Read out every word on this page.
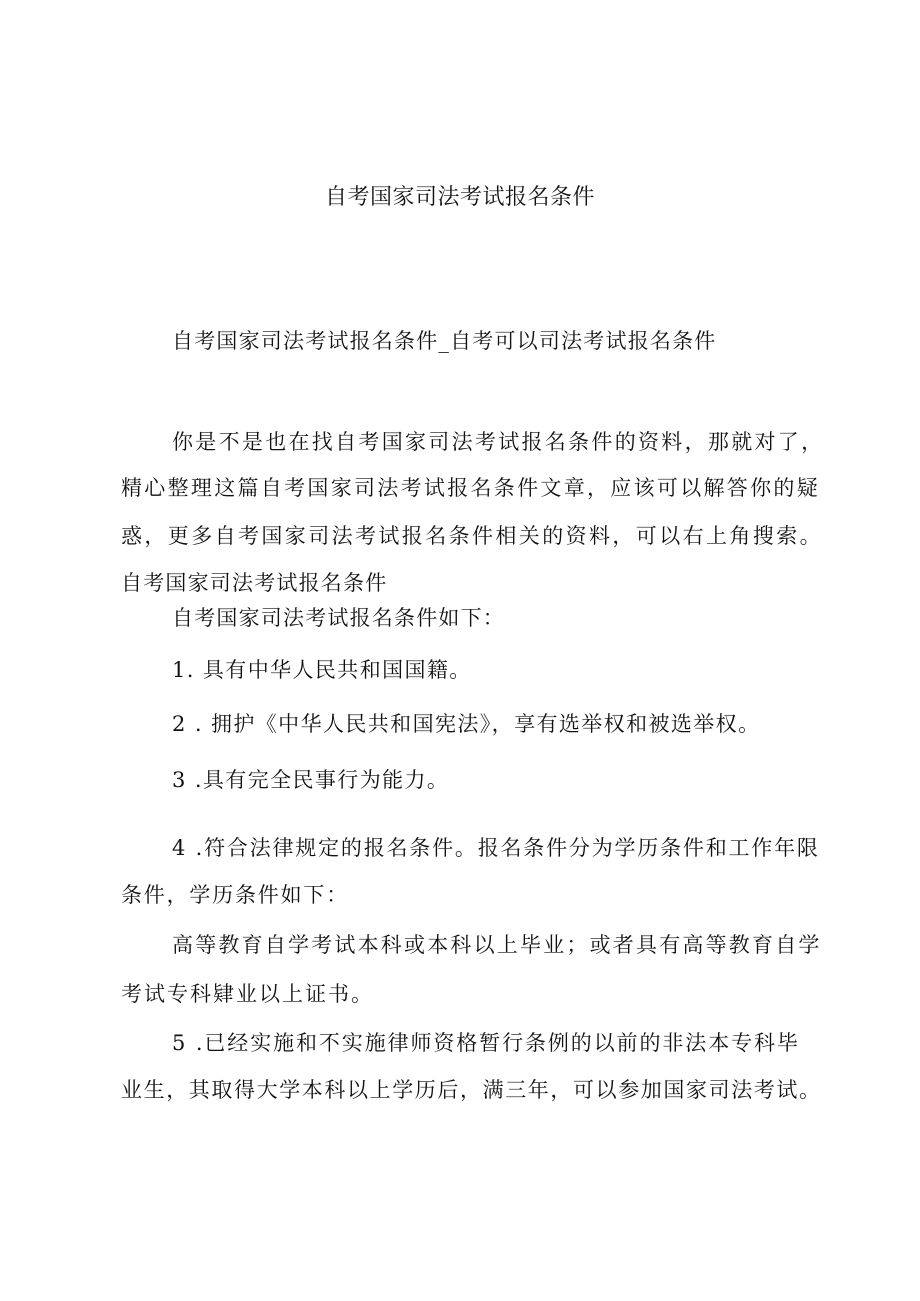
自考国家司法考试报名条件
自考国家司法考试报名条件_自考可以司法考试报名条件
你是不是也在找自考国家司法考试报名条件的资料，那就对了，
精心整理这篇自考国家司法考试报名条件文章，应该可以解答你的疑
惑，更多自考国家司法考试报名条件相关的资料，可以右上角搜索。
自考国家司法考试报名条件
自考国家司法考试报名条件如下：
1. 具有中华人民共和国国籍。
2 . 拥护《中华人民共和国宪法》，享有选举权和被选举权。
3 .具有完全民事行为能力。
4 .符合法律规定的报名条件。报名条件分为学历条件和工作年限
条件，学历条件如下：
高等教育自学考试本科或本科以上毕业；或者具有高等教育自学
考试专科肄业以上证书。
5 .已经实施和不实施律师资格暂行条例的以前的非法本专科毕
业生，其取得大学本科以上学历后，满三年，可以参加国家司法考试。
